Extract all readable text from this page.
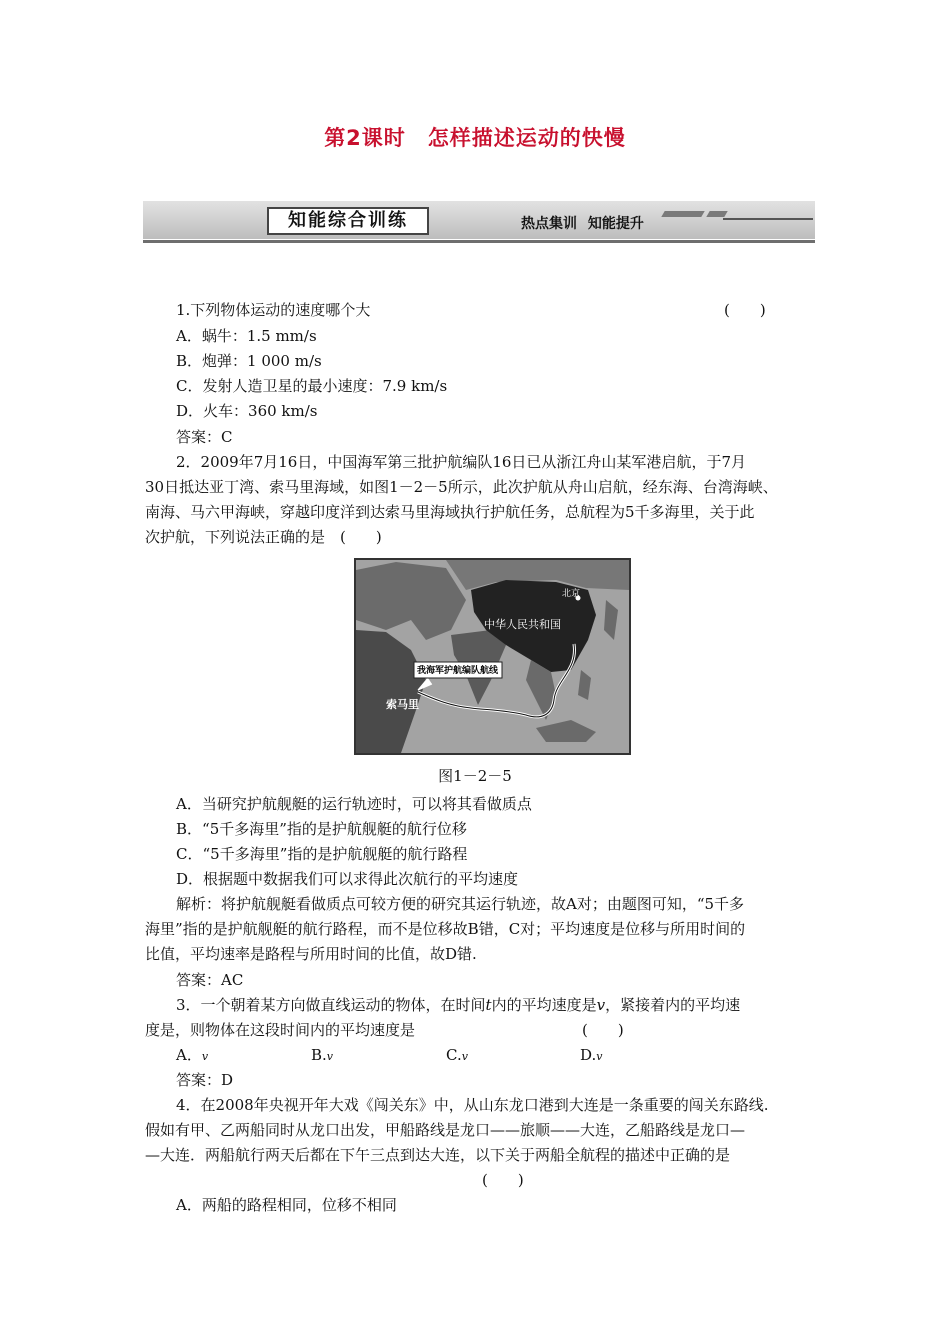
第2课时　怎样描述运动的快慢
知能综合训练	热点集训 知能提升
1.下列物体运动的速度哪个大	(　　)
A．蜗牛：1.5 mm/s
B．炮弹：1 000 m/s
C．发射人造卫星的最小速度：7.9 km/s
D．火车：360 km/s
答案：C
2．2009年7月16日，中国海军第三批护航编队16日已从浙江舟山某军港启航，于7月
30日抵达亚丁湾、索马里海域，如图1－2－5所示，此次护航从舟山启航，经东海、台湾海峡、
南海、马六甲海峡，穿越印度洋到达索马里海域执行护航任务，总航程为5千多海里，关于此
次护航，下列说法正确的是　(　　)
北京
中华人民共和国
我海军护航编队航线
索马里
图1－2－5
A．当研究护航舰艇的运行轨迹时，可以将其看做质点
B．“5千多海里”指的是护航舰艇的航行位移
C．“5千多海里”指的是护航舰艇的航行路程
D．根据题中数据我们可以求得此次航行的平均速度
解析：将护航舰艇看做质点可较方便的研究其运行轨迹，故A对；由题图可知，“5千多
海里”指的是护航舰艇的航行路程，而不是位移故B错，C对；平均速度是位移与所用时间的
比值，平均速率是路程与所用时间的比值，故D错.
答案：AC
3．一个朝着某方向做直线运动的物体，在时间t内的平均速度是v，紧接着内的平均速
度是，则物体在这段时间内的平均速度是	(　　)
A．v	B.v	C.v	D.v
答案：D
4．在2008年央视开年大戏《闯关东》中，从山东龙口港到大连是一条重要的闯关东路线.
假如有甲、乙两船同时从龙口出发，甲船路线是龙口——旅顺——大连，乙船路线是龙口—
—大连．两船航行两天后都在下午三点到达大连，以下关于两船全航程的描述中正确的是
(　　)
A．两船的路程相同，位移不相同
